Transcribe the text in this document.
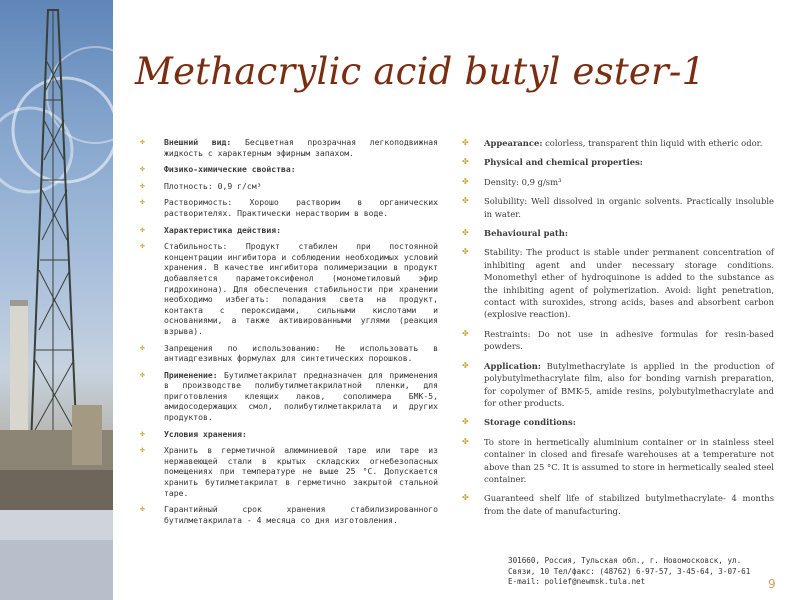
Methacrylic acid butyl ester-1
✤ Внешний вид: Бесцветная прозрачная легкоподвижная жидкость с характерным эфирным запахом.
✤ Физико-химические свойства:
✤ Плотность: 0,9 г/см³
✤ Растворимость: Хорошо растворим в органических растворителях. Практически нерастворим в воде.
✤ Характеристика действия:
✤ Стабильность: Продукт стабилен при постоянной концентрации ингибитора и соблюдении необходимых условий хранения. В качестве ингибитора полимеризации в продукт добавляется параметоксифенол (монометиловый эфир гидрохинона). Для обеспечения стабильности при хранении необходимо избегать: попадания света на продукт, контакта с пероксидами, сильными кислотами и основаниями, а также активированными углями (реакция взрыва).
✤ Запрещения по использованию: Не использовать в антиадгезивных формулах для синтетических порошков.
✤ Применение: Бутилметакрилат предназначен для применения в производстве полибутилметакрилатной пленки, для приготовления клеящих лаков, сополимера БМК-5, амидосодержащих смол, полибутилметакрилата и других продуктов.
✤ Условия хранения:
✤ Хранить в герметичной алюминиевой таре или таре из нержавеющей стали в крытых складских огнебезопасных помещениях при температуре не выше 25 °С. Допускается хранить бутилметакрилат в герметично закрытой стальной таре.
✤ Гарантийный срок хранения стабилизированного бутилметакрилата - 4 месяца со дня изготовления.
✤ Appearance: colorless, transparent thin liquid with etheric odor.
✤ Physical and chemical properties:
✤ Density: 0,9 g/sm³
✤ Solubility: Well dissolved in organic solvents. Practically insoluble in water.
✤ Behavioural path:
✤ Stability: The product is stable under permanent concentration of inhibiting agent and under necessary storage conditions. Monomethyl ether of hydroquinone is added to the substance as the inhibiting agent of polymerization. Avoid: light penetration, contact with suroxides, strong acids, bases and absorbent carbon (explosive reaction).
✤ Restraints: Do not use in adhesive formulas for resin-based powders.
✤ Application: Butylmethacrylate is applied in the production of polybutylmethacrylate film, also for bonding varnish preparation, for copolymer of BMK-5, amide resins, polybutylmethacrylate and for other products.
✤ Storage conditions:
✤ To store in hermetically aluminium container or in stainless steel container in closed and firesafe warehouses at a temperature not above than 25 °C. It is assumed to store in hermetically sealed steel container.
✤ Guaranteed shelf life of stabilized butylmethacrylate- 4 months from the date of manufacturing.
301660, Россия, Тульская обл., г. Новомосковск, ул.
Связи, 10 Тел/факс: (48762) 6-97-57, 3-45-64, 3-07-61
E-mail: polief@newmsk.tula.net	9
